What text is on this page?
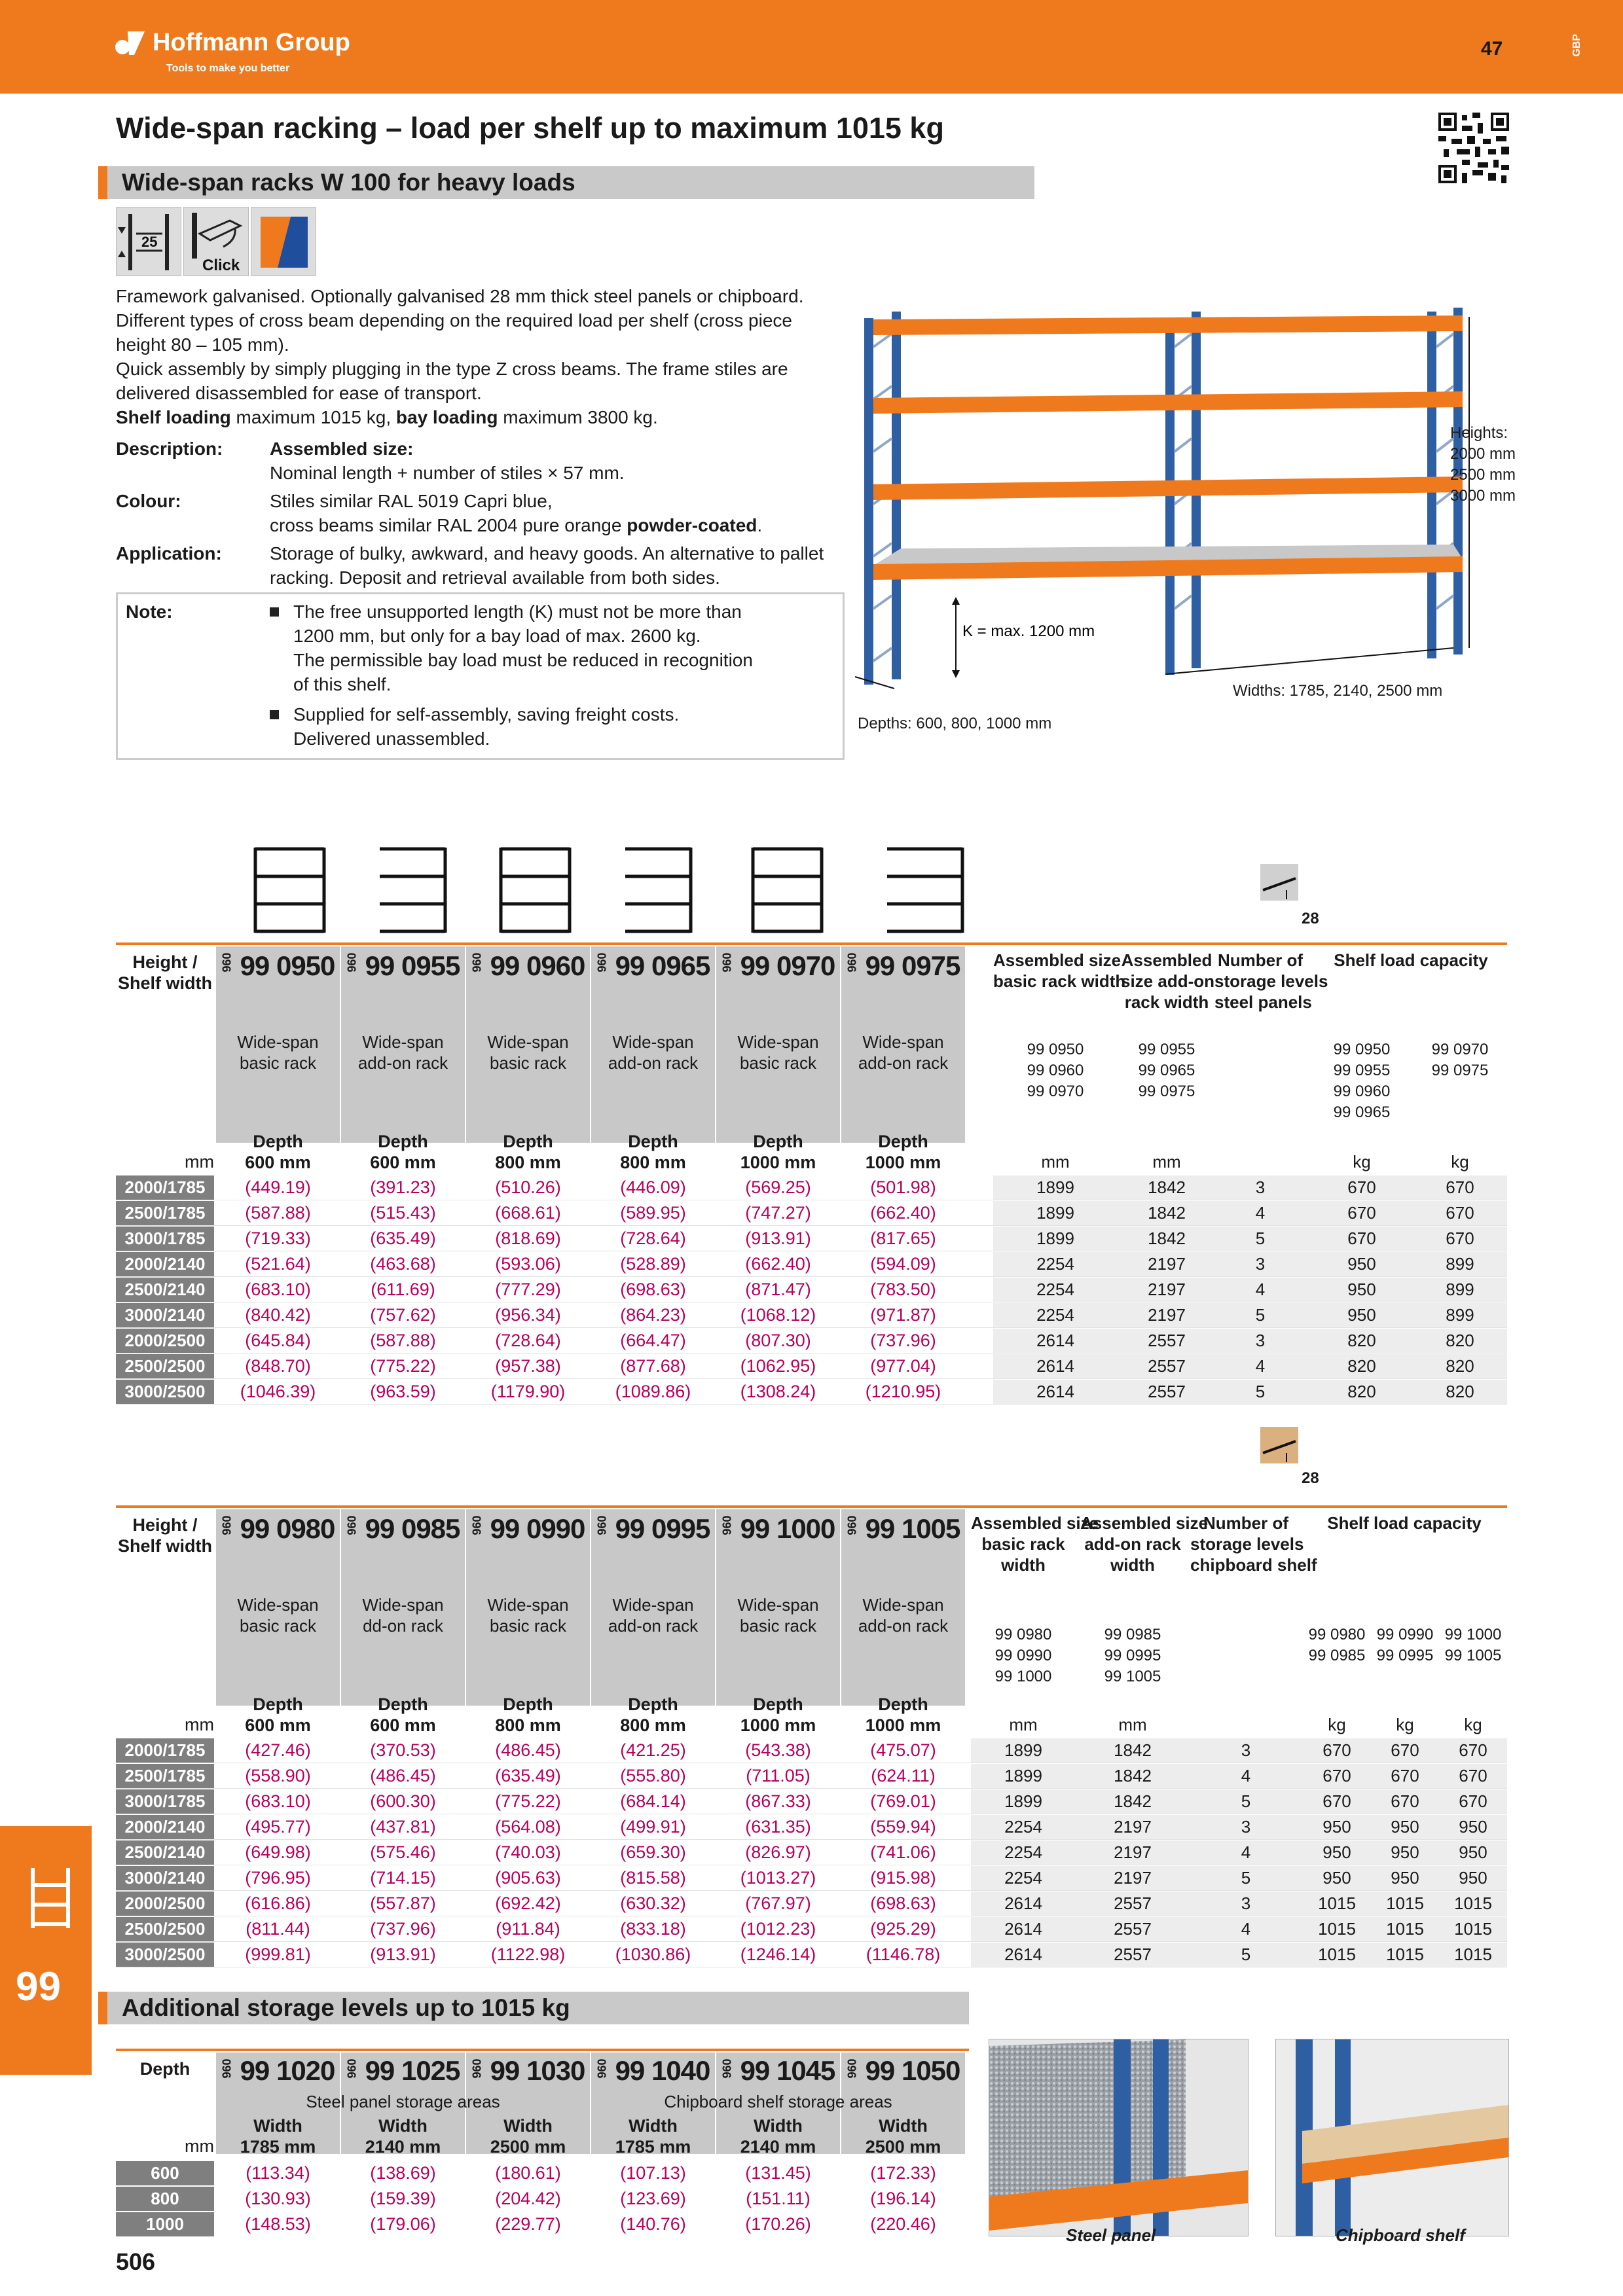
Hoffmann Group
Tools to make you better
47	GBP
Wide-span racking – load per shelf up to maximum 1015 kg
Wide-span racks W 100 for heavy loads
25
Click
Framework galvanised. Optionally galvanised 28 mm thick steel panels or chipboard.
Different types of cross beam depending on the required load per shelf (cross piece
height 80 – 105 mm).
Quick assembly by simply plugging in the type Z cross beams. The frame stiles are
delivered disassembled for ease of transport.
Shelf loading maximum 1015 kg, bay loading maximum 3800 kg.
Description:	Assembled size:
Nominal length + number of stiles × 57 mm.
Colour:	Stiles similar RAL 5019 Capri blue,
cross beams similar RAL 2004 pure orange powder-coated.
Application:	Storage of bulky, awkward, and heavy goods. An alternative to pallet
racking. Deposit and retrieval available from both sides.
Note:	The free unsupported length (K) must not be more than
1200 mm, but only for a bay load of max. 2600 kg.
The permissible bay load must be reduced in recognition
of this shelf.
Supplied for self-assembly, saving freight costs.
Delivered unassembled.
K = max. 1200 mm
Heights:
2000 mm
2500 mm
3000 mm
Widths: 1785, 2140, 2500 mm
Depths: 600, 800, 1000 mm
28
Height /
Shelf width
960 99 0950
Wide-span
basic rack
Depth
600 mm
960 99 0955
Wide-span
add-on rack
Depth
600 mm
960 99 0960
Wide-span
basic rack
Depth
800 mm
960 99 0965
Wide-span
add-on rack
Depth
800 mm
960 99 0970
Wide-span
basic rack
Depth
1000 mm
960 99 0975
Wide-span
add-on rack
Depth
1000 mm
mm
Assembled size
basic rack width
Assembled
size add-on
rack width
Number of
storage levels
steel panels
Shelf load capacity
99 0950
99 0960
99 0970
99 0955
99 0965
99 0975
99 0950
99 0955
99 0960
99 0965
99 0970
99 0975
mm	mm	kg	kg
2000/1785	(449.19)	(391.23)	(510.26)	(446.09)	(569.25)	(501.98)	1899	1842	3	670	670
2500/1785	(587.88)	(515.43)	(668.61)	(589.95)	(747.27)	(662.40)	1899	1842	4	670	670
3000/1785	(719.33)	(635.49)	(818.69)	(728.64)	(913.91)	(817.65)	1899	1842	5	670	670
2000/2140	(521.64)	(463.68)	(593.06)	(528.89)	(662.40)	(594.09)	2254	2197	3	950	899
2500/2140	(683.10)	(611.69)	(777.29)	(698.63)	(871.47)	(783.50)	2254	2197	4	950	899
3000/2140	(840.42)	(757.62)	(956.34)	(864.23)	(1068.12)	(971.87)	2254	2197	5	950	899
2000/2500	(645.84)	(587.88)	(728.64)	(664.47)	(807.30)	(737.96)	2614	2557	3	820	820
2500/2500	(848.70)	(775.22)	(957.38)	(877.68)	(1062.95)	(977.04)	2614	2557	4	820	820
3000/2500	(1046.39)	(963.59)	(1179.90)	(1089.86)	(1308.24)	(1210.95)	2614	2557	5	820	820
28
Height /
Shelf width
960 99 0980
Wide-span
basic rack
Depth
600 mm
960 99 0985
Wide-span
dd-on rack
Depth
600 mm
960 99 0990
Wide-span
basic rack
Depth
800 mm
960 99 0995
Wide-span
add-on rack
Depth
800 mm
960 99 1000
Wide-span
basic rack
Depth
1000 mm
960 99 1005
Wide-span
add-on rack
Depth
1000 mm
mm
Assembled size
basic rack
width
Assembled size
add-on rack
width
Number of
storage levels
chipboard shelf
Shelf load capacity
99 0980
99 0990
99 1000
99 0985
99 0995
99 1005
99 0980
99 0985
99 0990
99 0995
99 1000
99 1005
mm	mm	kg	kg	kg
2000/1785	(427.46)	(370.53)	(486.45)	(421.25)	(543.38)	(475.07)	1899	1842	3	670	670	670
2500/1785	(558.90)	(486.45)	(635.49)	(555.80)	(711.05)	(624.11)	1899	1842	4	670	670	670
3000/1785	(683.10)	(600.30)	(775.22)	(684.14)	(867.33)	(769.01)	1899	1842	5	670	670	670
2000/2140	(495.77)	(437.81)	(564.08)	(499.91)	(631.35)	(559.94)	2254	2197	3	950	950	950
2500/2140	(649.98)	(575.46)	(740.03)	(659.30)	(826.97)	(741.06)	2254	2197	4	950	950	950
3000/2140	(796.95)	(714.15)	(905.63)	(815.58)	(1013.27)	(915.98)	2254	2197	5	950	950	950
2000/2500	(616.86)	(557.87)	(692.42)	(630.32)	(767.97)	(698.63)	2614	2557	3	1015	1015	1015
2500/2500	(811.44)	(737.96)	(911.84)	(833.18)	(1012.23)	(925.29)	2614	2557	4	1015	1015	1015
3000/2500	(999.81)	(913.91)	(1122.98)	(1030.86)	(1246.14)	(1146.78)	2614	2557	5	1015	1015	1015
Additional storage levels up to 1015 kg
Depth	960 99 1020
Width
1785 mm
960 99 1025
Width
2140 mm
960 99 1030
Width
2500 mm
960 99 1040
Width
1785 mm
960 99 1045
Width
2140 mm
960 99 1050
Width
2500 mm
Steel panel storage areas	Chipboard shelf storage areas
mm
600	(113.34)	(138.69)	(180.61)	(107.13)	(131.45)	(172.33)
800	(130.93)	(159.39)	(204.42)	(123.69)	(151.11)	(196.14)
1000	(148.53)	(179.06)	(229.77)	(140.76)	(170.26)	(220.46)
Steel panel	Chipboard shelf
99
506
